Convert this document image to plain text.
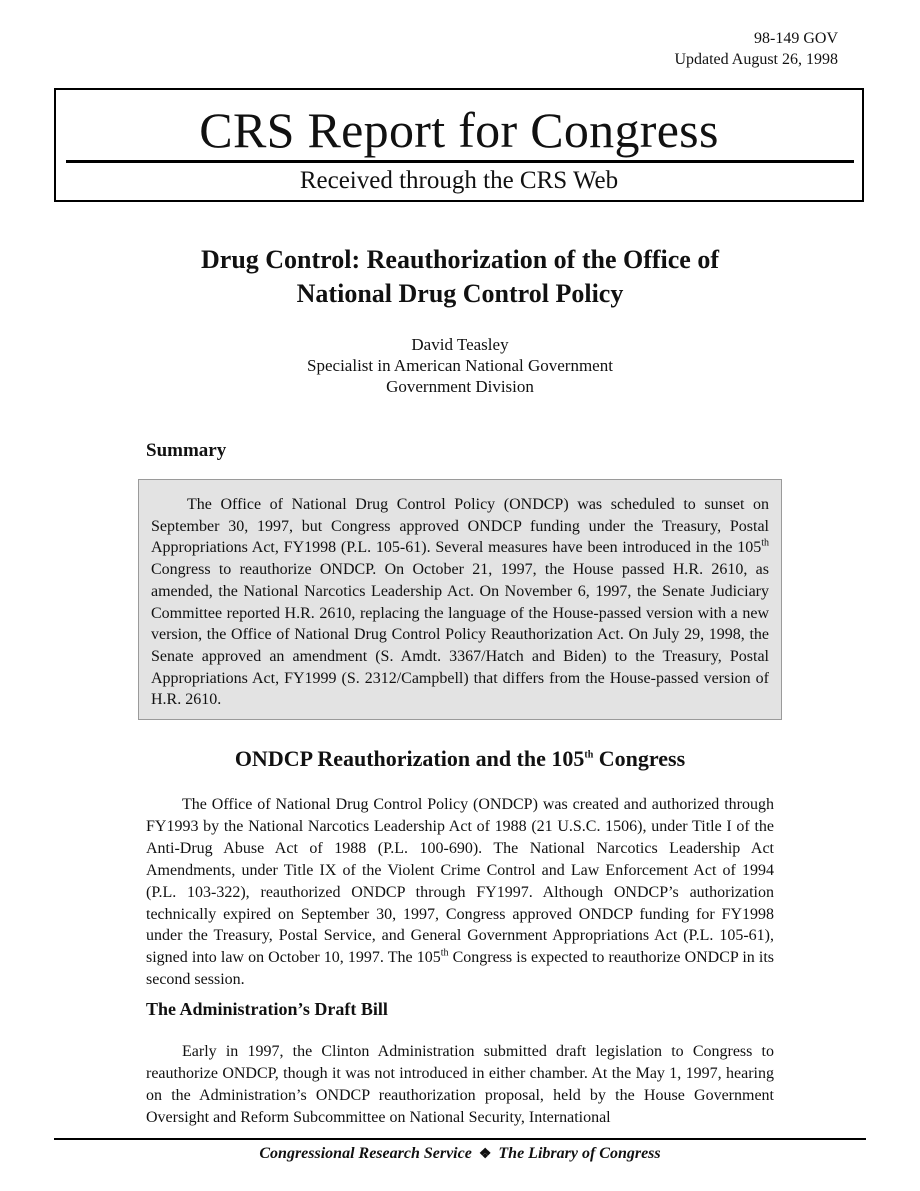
98-149 GOV
Updated August 26, 1998
CRS Report for Congress
Received through the CRS Web
Drug Control: Reauthorization of the Office of
National Drug Control Policy
David Teasley
Specialist in American National Government
Government Division
Summary

The Office of National Drug Control Policy (ONDCP) was scheduled to sunset on September 30, 1997, but Congress approved ONDCP funding under the Treasury, Postal Appropriations Act, FY1998 (P.L. 105-61). Several measures have been introduced in the 105th Congress to reauthorize ONDCP. On October 21, 1997, the House passed H.R. 2610, as amended, the National Narcotics Leadership Act. On November 6, 1997, the Senate Judiciary Committee reported H.R. 2610, replacing the language of the House-passed version with a new version, the Office of National Drug Control Policy Reauthorization Act. On July 29, 1998, the Senate approved an amendment (S. Amdt. 3367/Hatch and Biden) to the Treasury, Postal Appropriations Act, FY1999 (S. 2312/Campbell) that differs from the House-passed version of H.R. 2610.

ONDCP Reauthorization and the 105th Congress

The Office of National Drug Control Policy (ONDCP) was created and authorized through FY1993 by the National Narcotics Leadership Act of 1988 (21 U.S.C. 1506), under Title I of the Anti-Drug Abuse Act of 1988 (P.L. 100-690). The National Narcotics Leadership Act Amendments, under Title IX of the Violent Crime Control and Law Enforcement Act of 1994 (P.L. 103-322), reauthorized ONDCP through FY1997. Although ONDCP’s authorization technically expired on September 30, 1997, Congress approved ONDCP funding for FY1998 under the Treasury, Postal Service, and General Government Appropriations Act (P.L. 105-61), signed into law on October 10, 1997. The 105th Congress is expected to reauthorize ONDCP in its second session.

The Administration’s Draft Bill

Early in 1997, the Clinton Administration submitted draft legislation to Congress to reauthorize ONDCP, though it was not introduced in either chamber. At the May 1, 1997, hearing on the Administration’s ONDCP reauthorization proposal, held by the House Government Oversight and Reform Subcommittee on National Security, International

Congressional Research Service ❖ The Library of Congress
